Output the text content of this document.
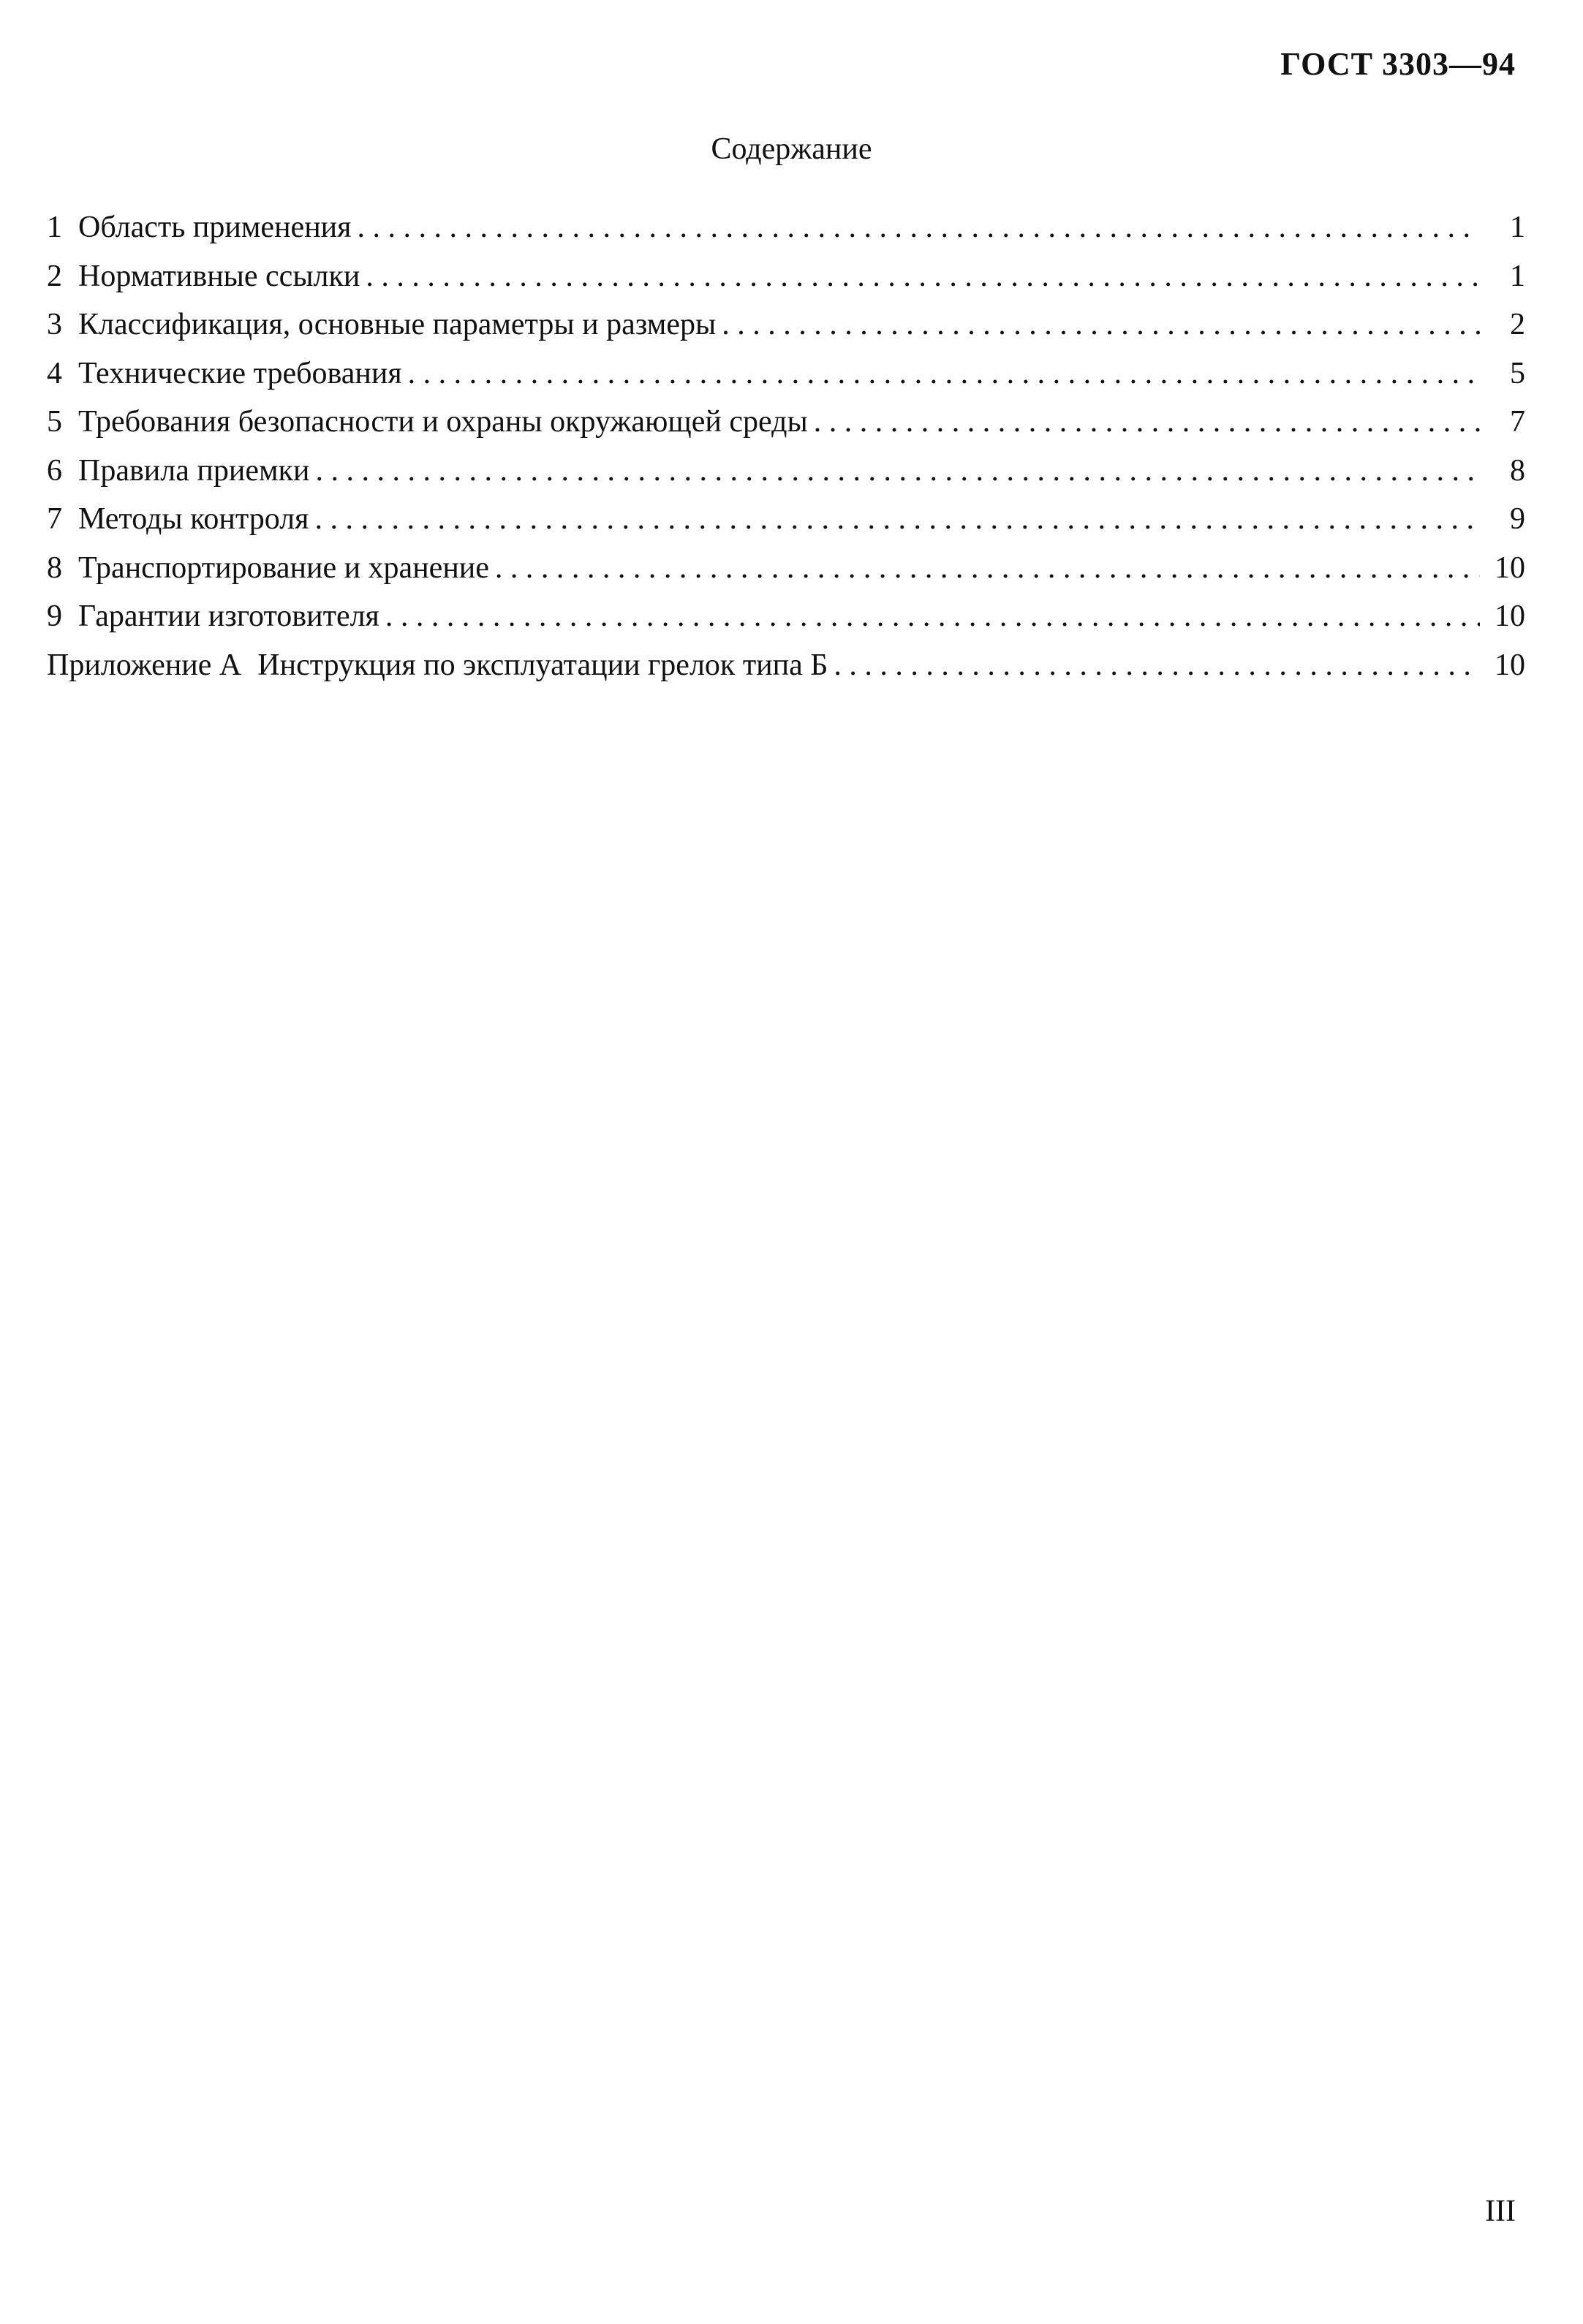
ГОСТ 3303—94
Содержание
1 Область применения . . .	1
2 Нормативные ссылки . . .	1
3 Классификация, основные параметры и размеры . . .	2
4 Технические требования . . .	5
5 Требования безопасности и охраны окружающей среды . . .	7
6 Правила приемки . . .	8
7 Методы контроля . . .	9
8 Транспортирование и хранение . . .	10
9 Гарантии изготовителя . . .	10
Приложение А Инструкция по эксплуатации грелок типа Б . . .	10
III
